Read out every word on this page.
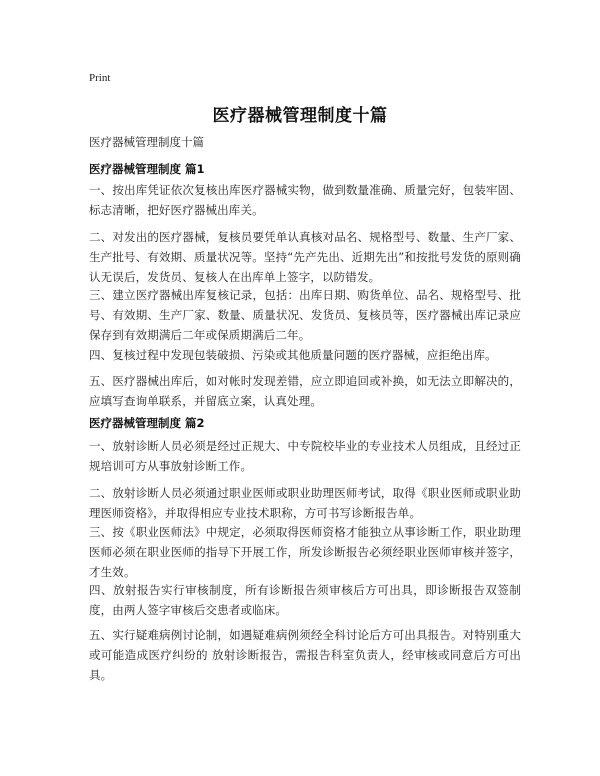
Print
医疗器械管理制度十篇
医疗器械管理制度十篇
医疗器械管理制度 篇1
一、按出库凭证依次复核出库医疗器械实物，做到数量准确、质量完好，包装牢固、标志清晰，把好医疗器械出库关。
二、对发出的医疗器械，复核员要凭单认真核对品名、规格型号、数量、生产厂家、生产批号、有效期、质量状况等。坚持“先产先出、近期先出”和按批号发货的原则确认无误后，发货员、复核人在出库单上签字，以防错发。
三、建立医疗器械出库复核记录，包括：出库日期、购货单位、品名、规格型号、批号、有效期、生产厂家、数量、质量状况、发货员、复核员等，医疗器械出库记录应保存到有效期满后二年或保质期满后二年。
四、复核过程中发现包装破损、污染或其他质量问题的医疗器械，应拒绝出库。
五、医疗器械出库后，如对帐时发现差错，应立即追回或补换，如无法立即解决的，应填写查询单联系，并留底立案，认真处理。
医疗器械管理制度 篇2
一、放射诊断人员必须是经过正规大、中专院校毕业的专业技术人员组成，且经过正规培训可方从事放射诊断工作。
二、放射诊断人员必须通过职业医师或职业助理医师考试，取得《职业医师或职业助理医师资格》，并取得相应专业技术职称，方可书写诊断报告单。
三、按《职业医师法》中规定，必须取得医师资格才能独立从事诊断工作，职业助理医师必须在职业医师的指导下开展工作，所发诊断报告必须经职业医师审核并签字，才生效。
四、放射报告实行审核制度，所有诊断报告须审核后方可出具，即诊断报告双签制度，由两人签字审核后交患者或临床。
五、实行疑难病例讨论制，如遇疑难病例须经全科讨论后方可出具报告。对特别重大或可能造成医疗纠纷的 放射诊断报告，需报告科室负责人，经审核或同意后方可出具。
